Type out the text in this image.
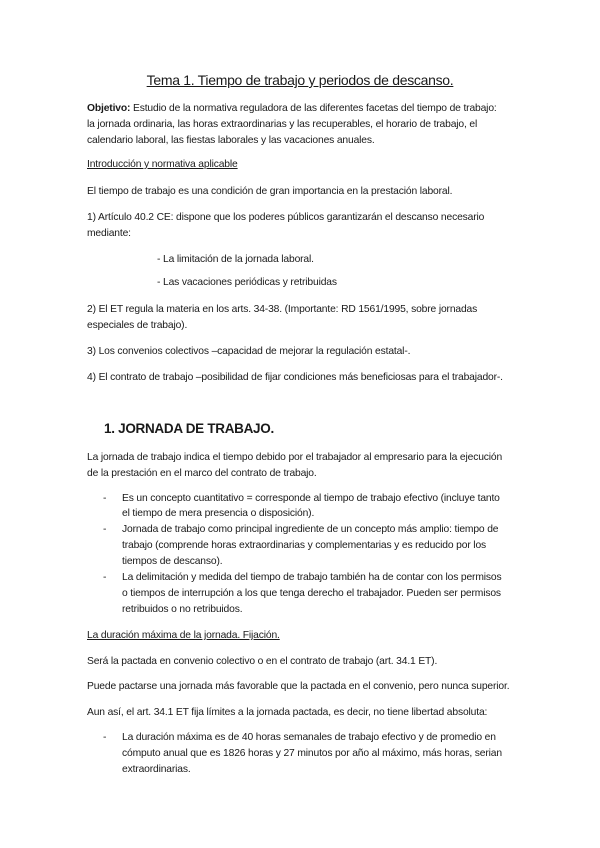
Tema 1. Tiempo de trabajo y periodos de descanso.

Objetivo: Estudio de la normativa reguladora de las diferentes facetas del tiempo de trabajo:

la jornada ordinaria, las horas extraordinarias y las recuperables, el horario de trabajo, el

calendario laboral, las fiestas laborales y las vacaciones anuales.

Introducción y normativa aplicable

El tiempo de trabajo es una condición de gran importancia en la prestación laboral.

1) Artículo 40.2 CE: dispone que los poderes públicos garantizarán el descanso necesario

mediante:

- La limitación de la jornada laboral.

- Las vacaciones periódicas y retribuidas

2) El ET regula la materia en los arts. 34-38. (Importante: RD 1561/1995, sobre jornadas

especiales de trabajo).

3) Los convenios colectivos –capacidad de mejorar la regulación estatal-.

4) El contrato de trabajo –posibilidad de fijar condiciones más beneficiosas para el trabajador-.

1. JORNADA DE TRABAJO.

La jornada de trabajo indica el tiempo debido por el trabajador al empresario para la ejecución

de la prestación en el marco del contrato de trabajo.

- Es un concepto cuantitativo = corresponde al tiempo de trabajo efectivo (incluye tanto

el tiempo de mera presencia o disposición).

- Jornada de trabajo como principal ingrediente de un concepto más amplio: tiempo de

trabajo (comprende horas extraordinarias y complementarias y es reducido por los

tiempos de descanso).

- La delimitación y medida del tiempo de trabajo también ha de contar con los permisos

o tiempos de interrupción a los que tenga derecho el trabajador. Pueden ser permisos

retribuidos o no retribuidos.

La duración máxima de la jornada. Fijación.

Será la pactada en convenio colectivo o en el contrato de trabajo (art. 34.1 ET).

Puede pactarse una jornada más favorable que la pactada en el convenio, pero nunca superior.

Aun así, el art. 34.1 ET fija límites a la jornada pactada, es decir, no tiene libertad absoluta:

- La duración máxima es de 40 horas semanales de trabajo efectivo y de promedio en

cómputo anual que es 1826 horas y 27 minutos por año al máximo, más horas, serian

extraordinarias.
